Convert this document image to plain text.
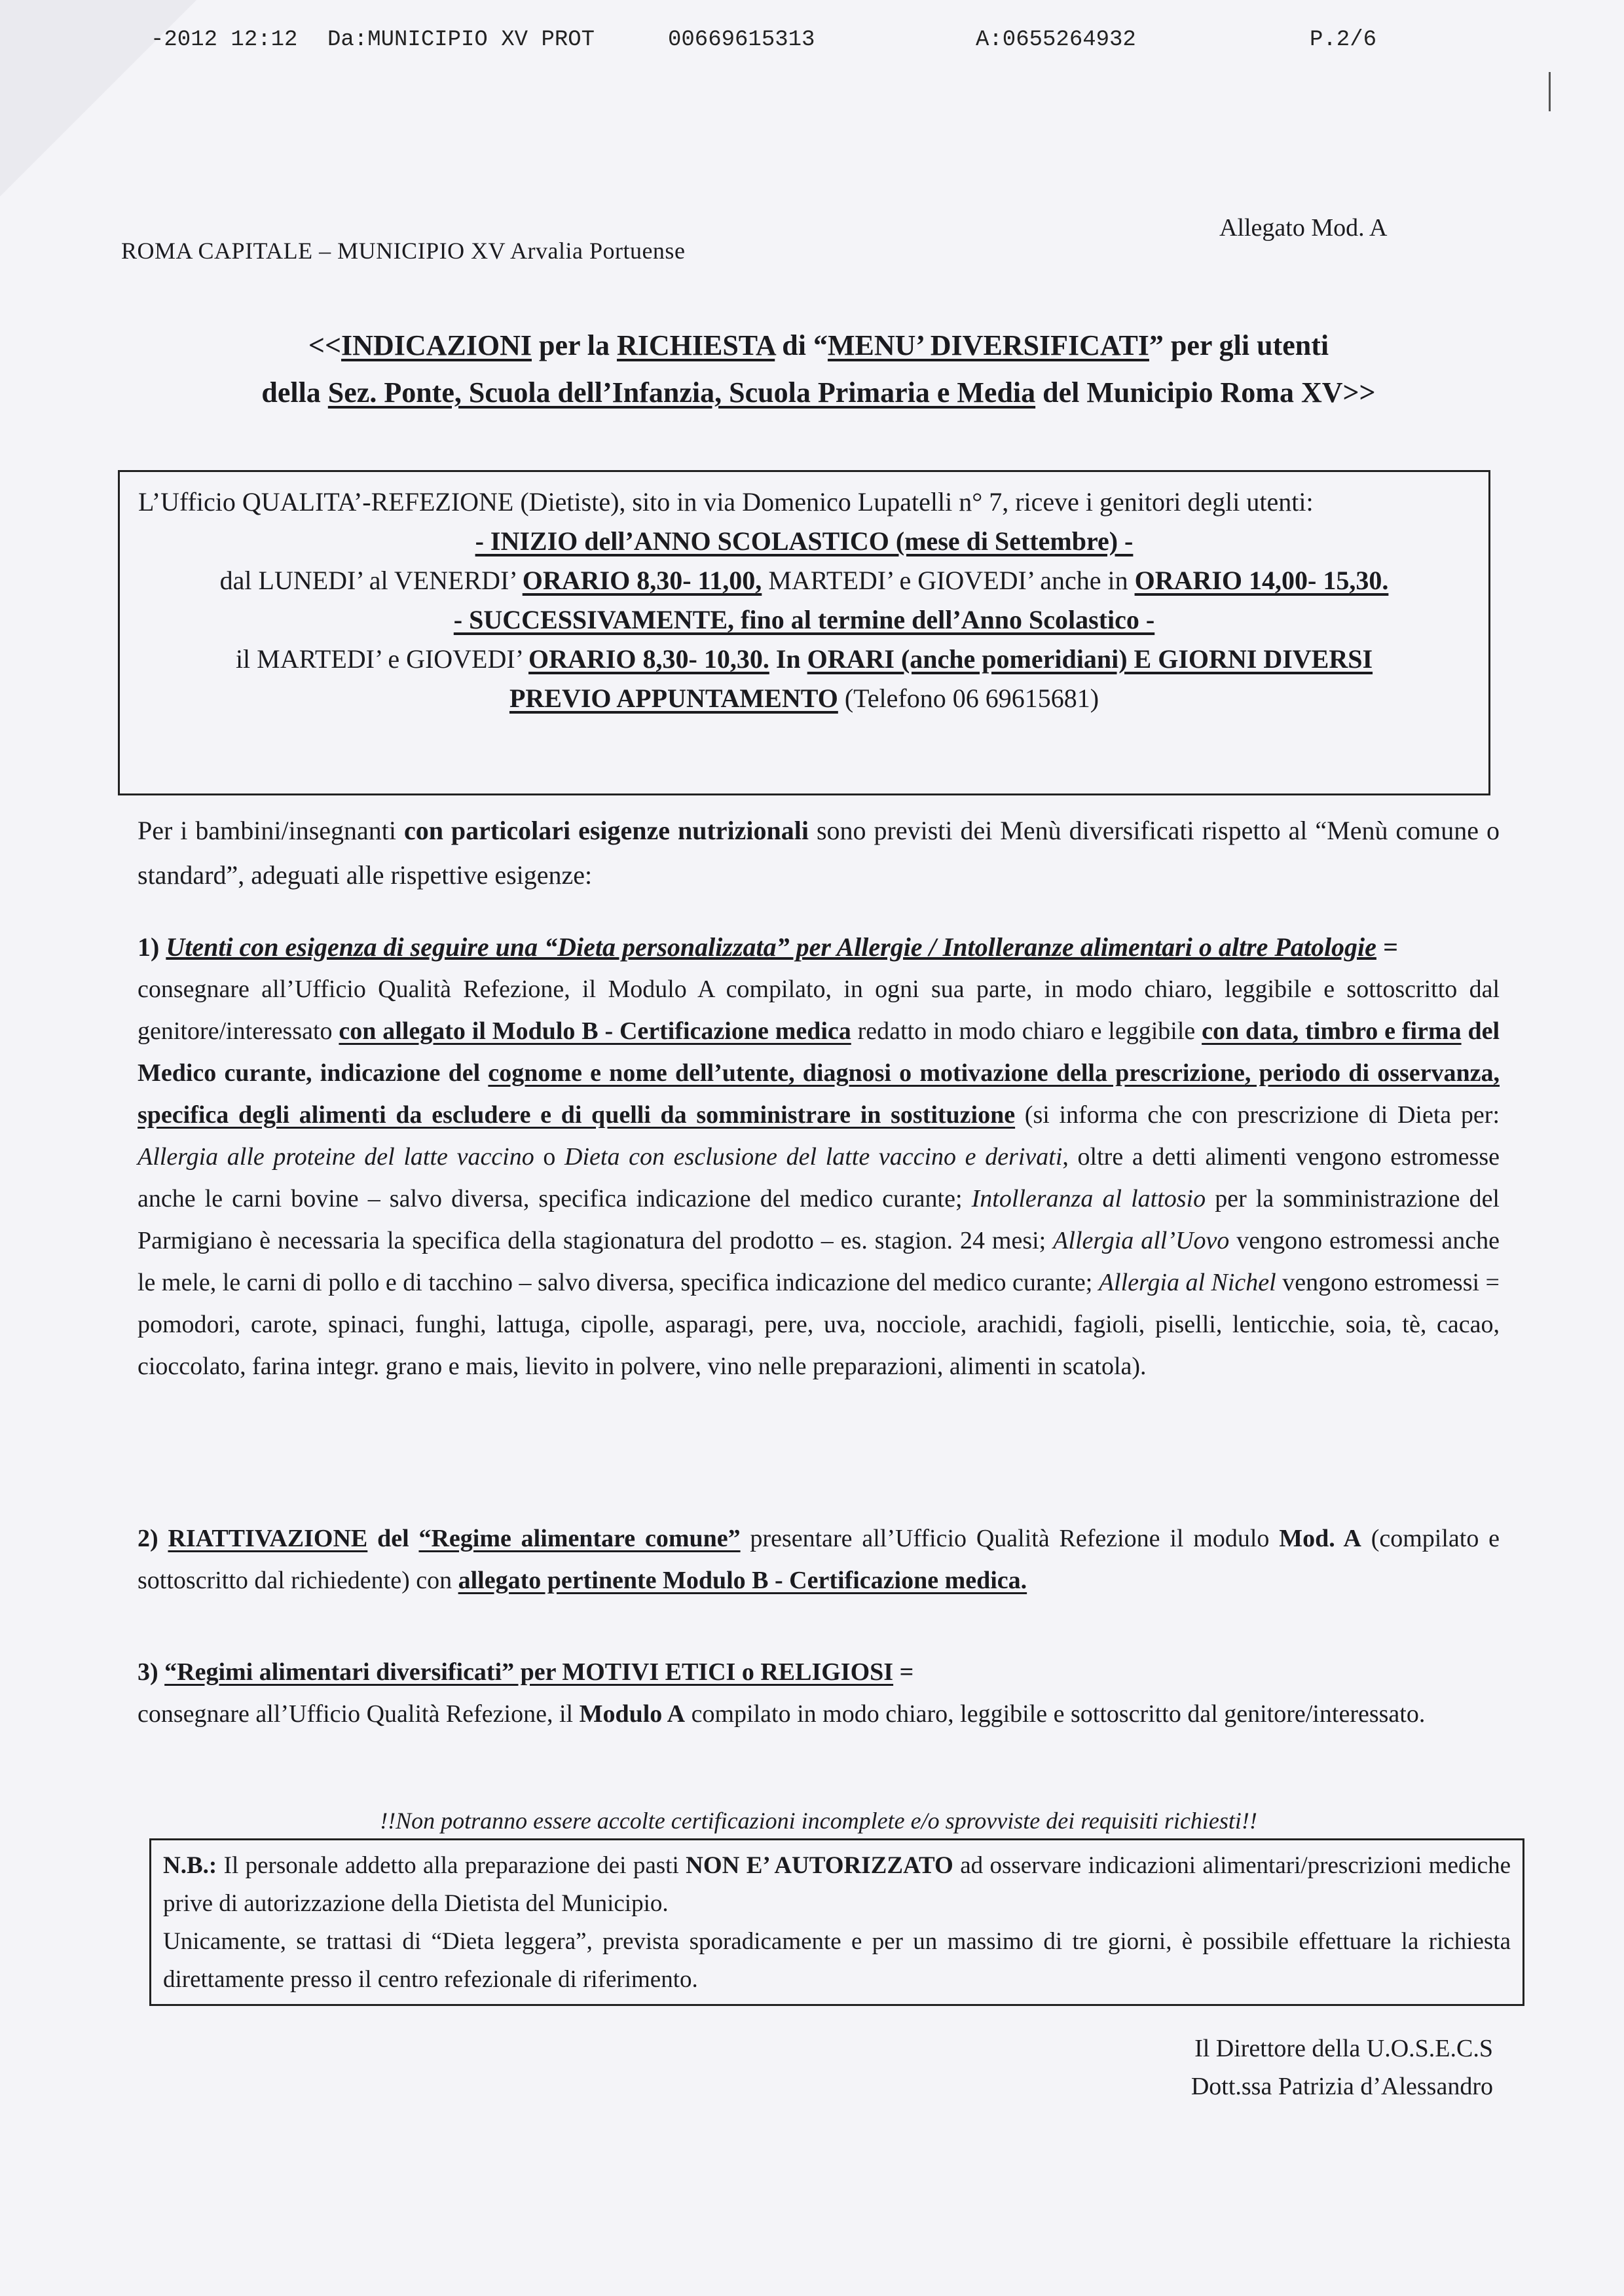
-2012 12:12 Da:MUNICIPIO XV PROT	00669615313	A:0655264932	P.2/6
ROMA CAPITALE – MUNICIPIO XV Arvalia Portuense
Allegato Mod. A
<<INDICAZIONI per la RICHIESTA di “MENU’ DIVERSIFICATI” per gli utenti
della Sez. Ponte, Scuola dell’Infanzia, Scuola Primaria e Media del Municipio Roma XV>>
L’Ufficio QUALITA’-REFEZIONE (Dietiste), sito in via Domenico Lupatelli n° 7, riceve i genitori degli utenti:
- INIZIO dell’ANNO SCOLASTICO (mese di Settembre) -
dal LUNEDI’ al VENERDI’ ORARIO 8,30- 11,00, MARTEDI’ e GIOVEDI’ anche in ORARIO 14,00- 15,30.
- SUCCESSIVAMENTE, fino al termine dell’Anno Scolastico -
il MARTEDI’ e GIOVEDI’ ORARIO 8,30- 10,30. In ORARI (anche pomeridiani) E GIORNI DIVERSI
PREVIO APPUNTAMENTO (Telefono 06 69615681)
Per i bambini/insegnanti con particolari esigenze nutrizionali sono previsti dei Menù diversificati rispetto al “Menù comune o standard”, adeguati alle rispettive esigenze:
1) Utenti con esigenza di seguire una “Dieta personalizzata” per Allergie / Intolleranze alimentari o altre Patologie =
consegnare all’Ufficio Qualità Refezione, il Modulo A compilato, in ogni sua parte, in modo chiaro, leggibile e sottoscritto dal genitore/interessato con allegato il Modulo B - Certificazione medica redatto in modo chiaro e leggibile con data, timbro e firma del Medico curante, indicazione del cognome e nome dell’utente, diagnosi o motivazione della prescrizione, periodo di osservanza, specifica degli alimenti da escludere e di quelli da somministrare in sostituzione (si informa che con prescrizione di Dieta per: Allergia alle proteine del latte vaccino o Dieta con esclusione del latte vaccino e derivati, oltre a detti alimenti vengono estromesse anche le carni bovine – salvo diversa, specifica indicazione del medico curante; Intolleranza al lattosio per la somministrazione del Parmigiano è necessaria la specifica della stagionatura del prodotto – es. stagion. 24 mesi; Allergia all’Uovo vengono estromessi anche le mele, le carni di pollo e di tacchino – salvo diversa, specifica indicazione del medico curante; Allergia al Nichel vengono estromessi = pomodori, carote, spinaci, funghi, lattuga, cipolle, asparagi, pere, uva, nocciole, arachidi, fagioli, piselli, lenticchie, soia, tè, cacao, cioccolato, farina integr. grano e mais, lievito in polvere, vino nelle preparazioni, alimenti in scatola).
2) RIATTIVAZIONE del “Regime alimentare comune” presentare all’Ufficio Qualità Refezione il modulo Mod. A (compilato e sottoscritto dal richiedente) con allegato pertinente Modulo B - Certificazione medica.
3) “Regimi alimentari diversificati” per MOTIVI ETICI o RELIGIOSI =
consegnare all’Ufficio Qualità Refezione, il Modulo A compilato in modo chiaro, leggibile e sottoscritto dal genitore/interessato.
!!Non potranno essere accolte certificazioni incomplete e/o sprovviste dei requisiti richiesti!!
N.B.: Il personale addetto alla preparazione dei pasti NON E’ AUTORIZZATO ad osservare indicazioni alimentari/prescrizioni mediche prive di autorizzazione della Dietista del Municipio.
Unicamente, se trattasi di “Dieta leggera”, prevista sporadicamente e per un massimo di tre giorni, è possibile effettuare la richiesta direttamente presso il centro refezionale di riferimento.
Il Direttore della U.O.S.E.C.S
Dott.ssa Patrizia d’Alessandro
